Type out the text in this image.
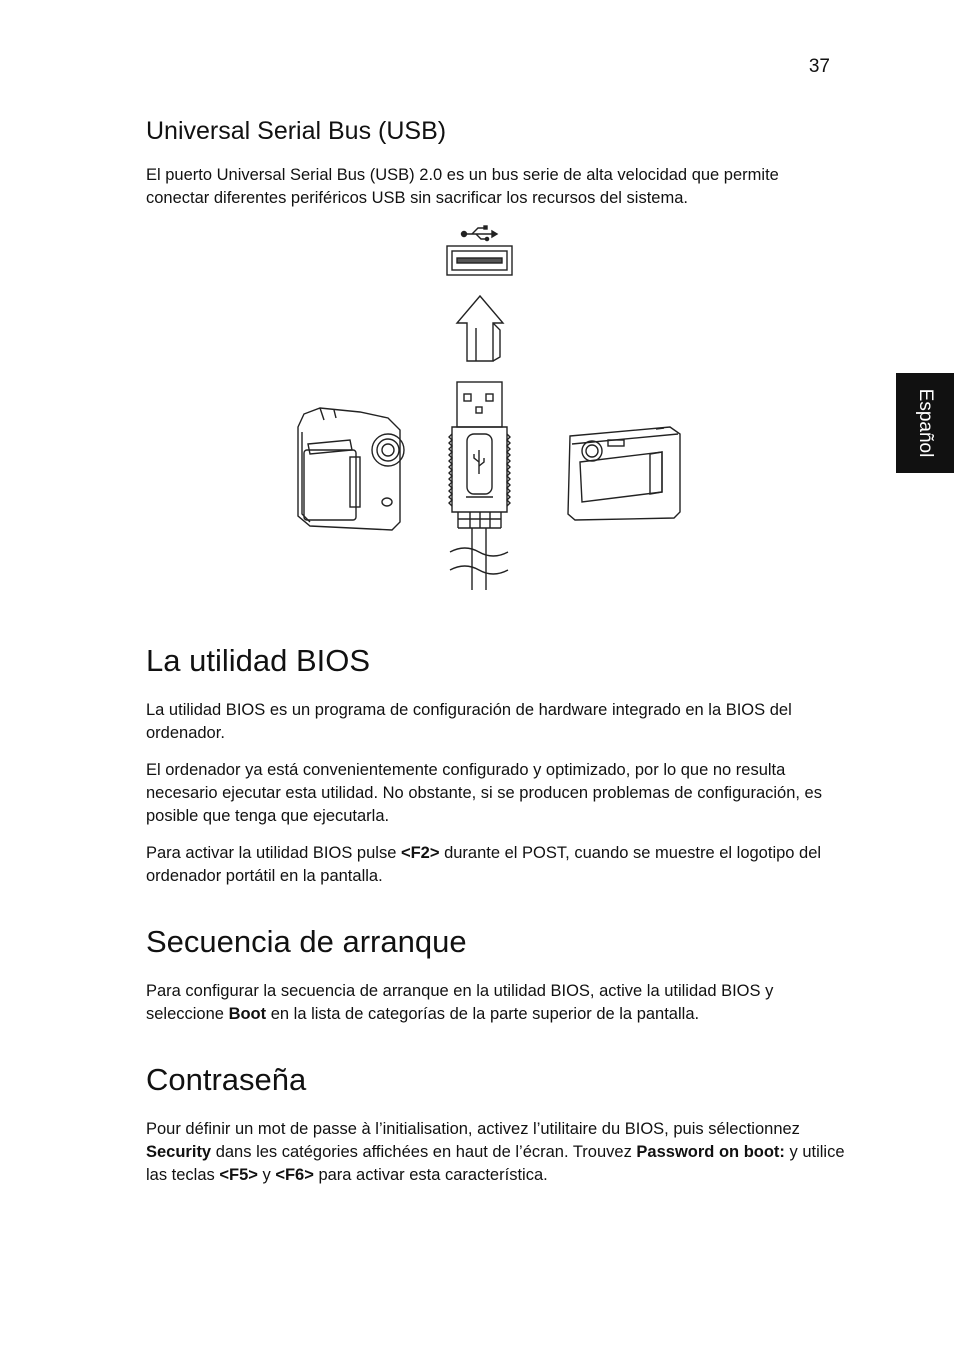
37
Español
Universal Serial Bus (USB)

El puerto Universal Serial Bus (USB) 2.0 es un bus serie de alta velocidad que permite conectar diferentes periféricos USB sin sacrificar los recursos del sistema.

La utilidad BIOS

La utilidad BIOS es un programa de configuración de hardware integrado en la BIOS del ordenador.

El ordenador ya está convenientemente configurado y optimizado, por lo que no resulta necesario ejecutar esta utilidad. No obstante, si se producen problemas de configuración, es posible que tenga que ejecutarla.

Para activar la utilidad BIOS pulse <F2> durante el POST, cuando se muestre el logotipo del ordenador portátil en la pantalla.

Secuencia de arranque

Para configurar la secuencia de arranque en la utilidad BIOS, active la utilidad BIOS y seleccione Boot en la lista de categorías de la parte superior de la pantalla.

Contraseña

Pour définir un mot de passe à l’initialisation, activez l’utilitaire du BIOS, puis sélectionnez Security dans les catégories affichées en haut de l’écran. Trouvez Password on boot: y utilice las teclas <F5> y <F6> para activar esta característica.
